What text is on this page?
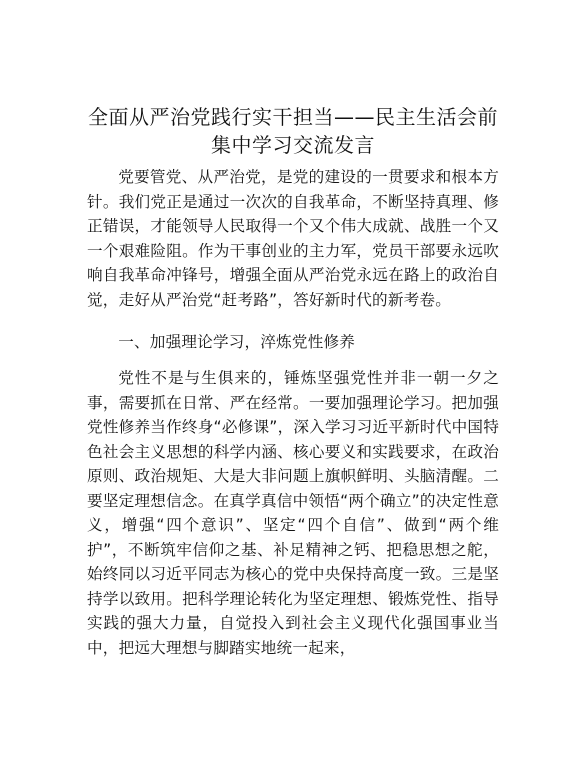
全面从严治党践行实干担当——民主生活会前
集中学习交流发言
党要管党、从严治党，是党的建设的一贯要求和根本方针。我们党正是通过一次次的自我革命，不断坚持真理、修正错误，才能领导人民取得一个又个伟大成就、战胜一个又一个艰难险阻。作为干事创业的主力军，党员干部要永远吹响自我革命冲锋号，增强全面从严治党永远在路上的政治自觉，走好从严治党“赶考路”，答好新时代的新考卷。
一、加强理论学习，淬炼党性修养
党性不是与生俱来的，锤炼坚强党性并非一朝一夕之事，需要抓在日常、严在经常。一要加强理论学习。把加强党性修养当作终身“必修课”，深入学习习近平新时代中国特色社会主义思想的科学内涵、核心要义和实践要求，在政治原则、政治规矩、大是大非问题上旗帜鲜明、头脑清醒。二要坚定理想信念。在真学真信中领悟“两个确立”的决定性意义，增强“四个意识”、坚定“四个自信”、做到“两个维护”，不断筑牢信仰之基、补足精神之钙、把稳思想之舵，始终同以习近平同志为核心的党中央保持高度一致。三是坚持学以致用。把科学理论转化为坚定理想、锻炼党性、指导实践的强大力量，自觉投入到社会主义现代化强国事业当中，把远大理想与脚踏实地统一起来，
